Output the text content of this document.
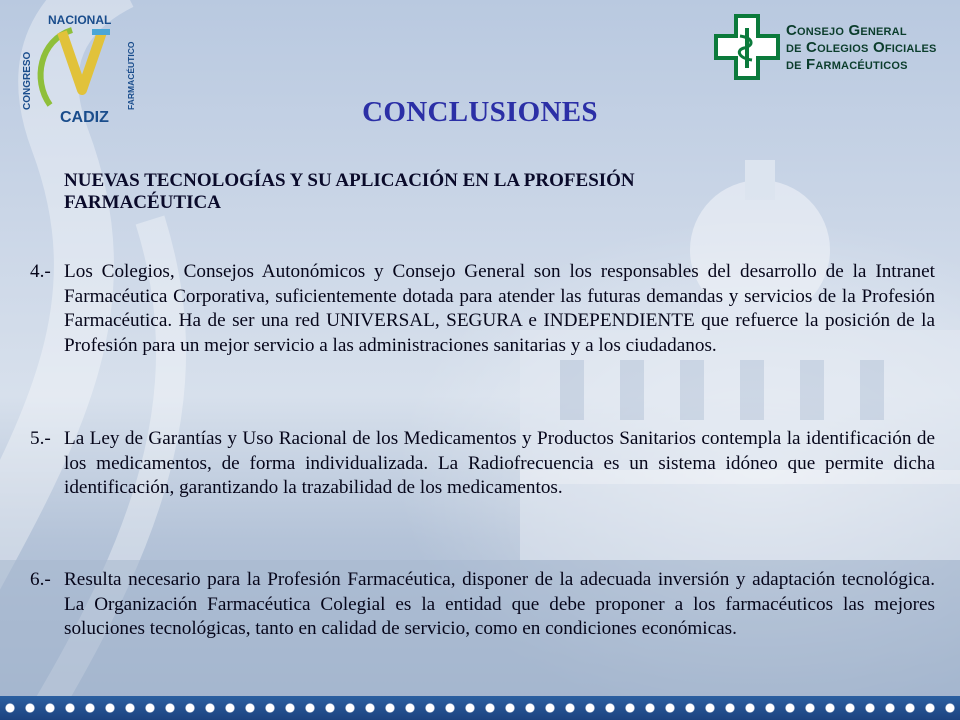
CONGRESO
NACIONAL
FARMACÉUTICO
CADIZ
Consejo General
de Colegios Oficiales
de Farmacéuticos
CONCLUSIONES
NUEVAS TECNOLOGÍAS Y SU APLICACIÓN EN LA PROFESIÓN FARMACÉUTICA
4.- Los Colegios, Consejos Autonómicos y Consejo General son los responsables del desarrollo de la Intranet Farmacéutica Corporativa, suficientemente dotada para atender las futuras demandas y servicios de la Profesión Farmacéutica. Ha de ser una red UNIVERSAL, SEGURA e INDEPENDIENTE que refuerce la posición de la Profesión para un mejor servicio a las administraciones sanitarias y a los ciudadanos.
5.- La Ley de Garantías y Uso Racional de los Medicamentos y Productos Sanitarios contempla la identificación de los medicamentos, de forma individualizada. La Radiofrecuencia es un sistema idóneo que permite dicha identificación, garantizando la trazabilidad de los medicamentos.
6.- Resulta necesario para la Profesión Farmacéutica, disponer de la adecuada inversión y adaptación tecnológica. La Organización Farmacéutica Colegial es la entidad que debe proponer a los farmacéuticos las mejores soluciones tecnológicas, tanto en calidad de servicio, como en condiciones económicas.
